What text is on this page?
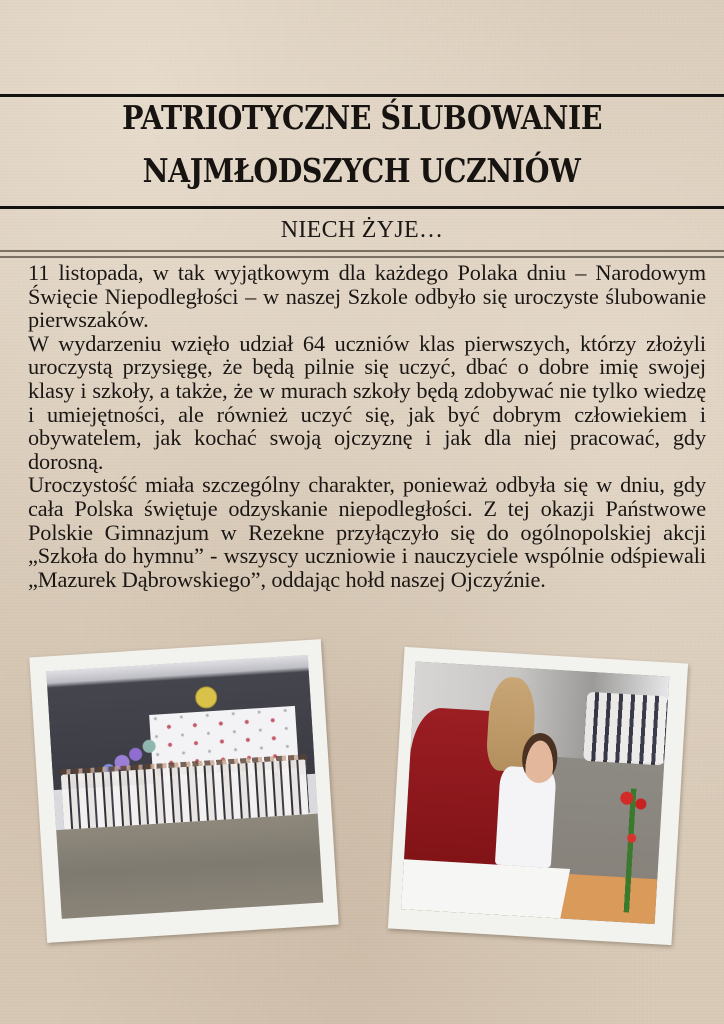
PATRIOTYCZNE ŚLUBOWANIE
NAJMŁODSZYCH UCZNIÓW
NIECH ŻYJE…

11 listopada, w tak wyjątkowym dla każdego Polaka dniu – Narodowym Święcie Niepodległości – w naszej Szkole odbyło się uroczyste ślubowanie pierwszaków.

W wydarzeniu wzięło udział 64 uczniów klas pierwszych, którzy złożyli uroczystą przysięgę, że będą pilnie się uczyć, dbać o dobre imię swojej klasy i szkoły, a także, że w murach szkoły będą zdobywać nie tylko wiedzę i umiejętności, ale również uczyć się, jak być dobrym człowiekiem i obywatelem, jak kochać swoją ojczyznę i jak dla niej pracować, gdy dorosną.

Uroczystość miała szczególny charakter, ponieważ odbyła się w dniu, gdy cała Polska świętuje odzyskanie niepodległości. Z tej okazji Państwowe Polskie Gimnazjum w Rezekne przyłączyło się do ogólnopolskiej akcji „Szkoła do hymnu” - wszyscy uczniowie i nauczyciele wspólnie odśpiewali „Mazurek Dąbrowskiego”, oddając hołd naszej Ojczyźnie.
